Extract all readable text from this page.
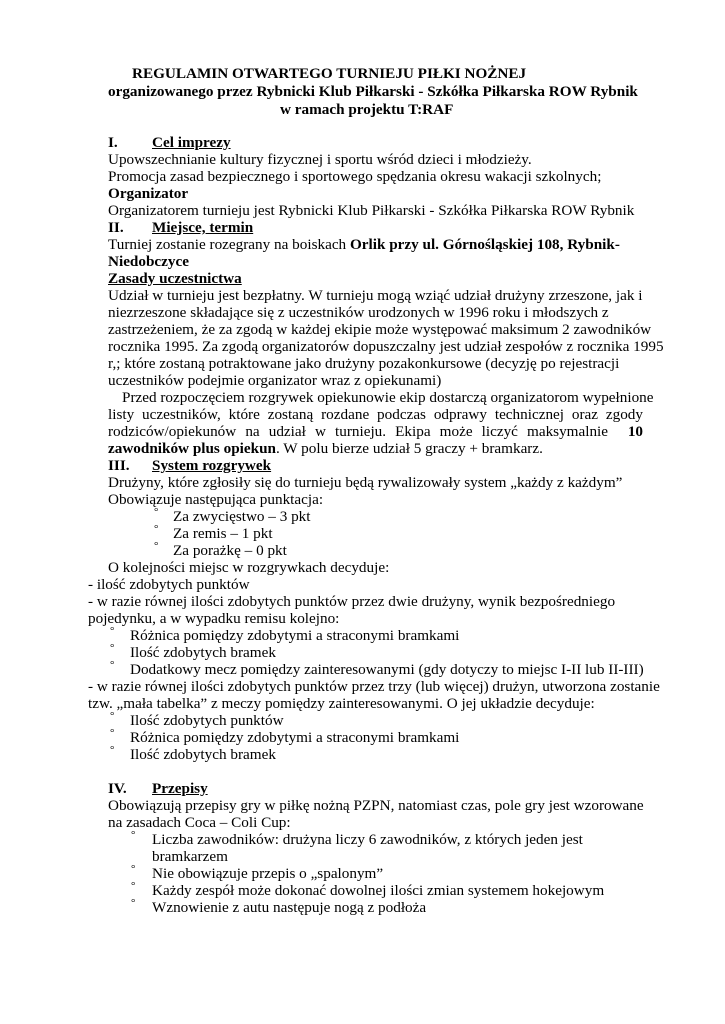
REGULAMIN OTWARTEGO TURNIEJU PIŁKI NOŻNEJ
organizowanego przez Rybnicki Klub Piłkarski - Szkółka Piłkarska ROW Rybnik
w ramach projektu T:RAF
I. Cel imprezy
Upowszechnianie kultury fizycznej i sportu wśród dzieci i młodzieży.
Promocja zasad bezpiecznego i sportowego spędzania okresu wakacji szkolnych;
Organizator
Organizatorem turnieju jest Rybnicki Klub Piłkarski - Szkółka Piłkarska ROW Rybnik
II. Miejsce, termin
Turniej zostanie rozegrany na boiskach Orlik przy ul. Górnośląskiej 108, Rybnik-
Niedobczyce
Zasady uczestnictwa
Udział w turnieju jest bezpłatny. W turnieju mogą wziąć udział drużyny zrzeszone, jak i
niezrzeszone składające się z uczestników urodzonych w 1996 roku i młodszych z
zastrzeżeniem, że za zgodą w każdej ekipie może występować maksimum 2 zawodników
rocznika 1995. Za zgodą organizatorów dopuszczalny jest udział zespołów z rocznika 1995
r,; które zostaną potraktowane jako drużyny pozakonkursowe (decyzję po rejestracji
uczestników podejmie organizator wraz z opiekunami)
Przed rozpoczęciem rozgrywek opiekunowie ekip dostarczą organizatorom wypełnione
listy uczestników, które zostaną rozdane podczas odprawy technicznej oraz zgody
rodziców/opiekunów na udział w turnieju. Ekipa może liczyć maksymalnie 10
zawodników plus opiekun. W polu bierze udział 5 graczy + bramkarz.
III. System rozgrywek
Drużyny, które zgłosiły się do turnieju będą rywalizowały system „każdy z każdym”
Obowiązuje następująca punktacja:
° Za zwycięstwo – 3 pkt
° Za remis – 1 pkt
° Za porażkę – 0 pkt
O kolejności miejsc w rozgrywkach decyduje:
- ilość zdobytych punktów
- w razie równej ilości zdobytych punktów przez dwie drużyny, wynik bezpośredniego
pojedynku, a w wypadku remisu kolejno:
° Różnica pomiędzy zdobytymi a straconymi bramkami
° Ilość zdobytych bramek
° Dodatkowy mecz pomiędzy zainteresowanymi (gdy dotyczy to miejsc I-II lub II-III)
- w razie równej ilości zdobytych punktów przez trzy (lub więcej) drużyn, utworzona zostanie
tzw. „mała tabelka” z meczy pomiędzy zainteresowanymi. O jej układzie decyduje:
° Ilość zdobytych punktów
° Różnica pomiędzy zdobytymi a straconymi bramkami
° Ilość zdobytych bramek
IV. Przepisy
Obowiązują przepisy gry w piłkę nożną PZPN, natomiast czas, pole gry jest wzorowane
na zasadach Coca – Coli Cup:
° Liczba zawodników: drużyna liczy 6 zawodników, z których jeden jest
bramkarzem
° Nie obowiązuje przepis o „spalonym”
° Każdy zespół może dokonać dowolnej ilości zmian systemem hokejowym
° Wznowienie z autu następuje nogą z podłoża
